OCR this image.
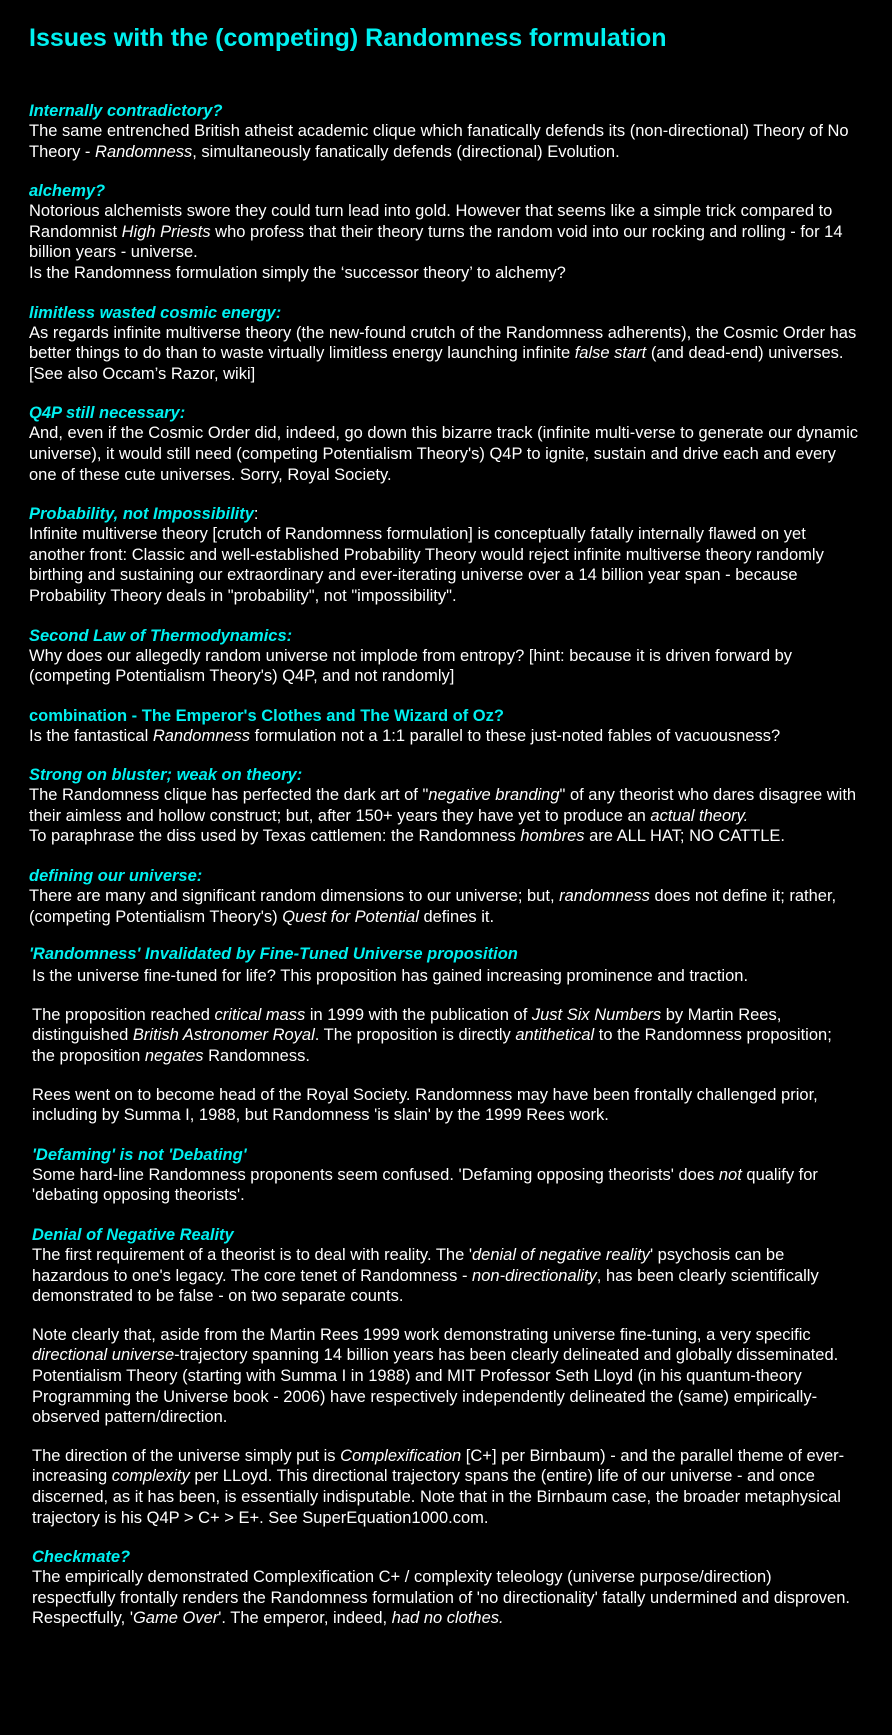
Issues with the (competing) Randomness formulation
Internally contradictory?

The same entrenched British atheist academic clique which fanatically defends its (non-directional) Theory of No Theory - Randomness, simultaneously fanatically defends (directional) Evolution.

alchemy?

Notorious alchemists swore they could turn lead into gold. However that seems like a simple trick compared to Randomnist High Priests who profess that their theory turns the random void into our rocking and rolling - for 14 billion years - universe.

Is the Randomness formulation simply the ‘successor theory’ to alchemy?

limitless wasted cosmic energy:

As regards infinite multiverse theory (the new-found crutch of the Randomness adherents), the Cosmic Order has better things to do than to waste virtually limitless energy launching infinite false start (and dead-end) universes. [See also Occam’s Razor, wiki]

Q4P still necessary:

And, even if the Cosmic Order did, indeed, go down this bizarre track (infinite multi-verse to generate our dynamic universe), it would still need (competing Potentialism Theory's) Q4P to ignite, sustain and drive each and every one of these cute universes. Sorry, Royal Society.

Probability, not Impossibility:

Infinite multiverse theory [crutch of Randomness formulation] is conceptually fatally internally flawed on yet another front: Classic and well-established Probability Theory would reject infinite multiverse theory randomly birthing and sustaining our extraordinary and ever-iterating universe over a 14 billion year span - because Probability Theory deals in "probability", not "impossibility".

Second Law of Thermodynamics:

Why does our allegedly random universe not implode from entropy? [hint: because it is driven forward by (competing Potentialism Theory's) Q4P, and not randomly]

combination - The Emperor's Clothes and The Wizard of Oz?

Is the fantastical Randomness formulation not a 1:1 parallel to these just-noted fables of vacuousness?

Strong on bluster; weak on theory:

The Randomness clique has perfected the dark art of "negative branding" of any theorist who dares disagree with their aimless and hollow construct; but, after 150+ years they have yet to produce an actual theory.

To paraphrase the diss used by Texas cattlemen: the Randomness hombres are ALL HAT; NO CATTLE.

defining our universe:

There are many and significant random dimensions to our universe; but, randomness does not define it; rather, (competing Potentialism Theory's) Quest for Potential defines it.

'Randomness' Invalidated by Fine-Tuned Universe proposition

Is the universe fine-tuned for life? This proposition has gained increasing prominence and traction.

The proposition reached critical mass in 1999 with the publication of Just Six Numbers by Martin Rees, distinguished British Astronomer Royal. The proposition is directly antithetical to the Randomness proposition; the proposition negates Randomness.

Rees went on to become head of the Royal Society. Randomness may have been frontally challenged prior, including by Summa I, 1988, but Randomness 'is slain' by the 1999 Rees work.

'Defaming' is not 'Debating'

Some hard-line Randomness proponents seem confused. 'Defaming opposing theorists' does not qualify for 'debating opposing theorists'.

Denial of Negative Reality

The first requirement of a theorist is to deal with reality. The 'denial of negative reality' psychosis can be hazardous to one's legacy. The core tenet of Randomness - non-directionality, has been clearly scientifically demonstrated to be false - on two separate counts.

Note clearly that, aside from the Martin Rees 1999 work demonstrating universe fine-tuning, a very specific directional universe-trajectory spanning 14 billion years has been clearly delineated and globally disseminated. Potentialism Theory (starting with Summa I in 1988) and MIT Professor Seth Lloyd (in his quantum-theory Programming the Universe book - 2006) have respectively independently delineated the (same) empirically-observed pattern/direction.

The direction of the universe simply put is Complexification [C+] per Birnbaum) - and the parallel theme of ever-increasing complexity per LLoyd. This directional trajectory spans the (entire) life of our universe - and once discerned, as it has been, is essentially indisputable. Note that in the Birnbaum case, the broader metaphysical trajectory is his Q4P > C+ > E+. See SuperEquation1000.com.

Checkmate?

The empirically demonstrated Complexification C+ / complexity teleology (universe purpose/direction) respectfully frontally renders the Randomness formulation of 'no directionality' fatally undermined and disproven. Respectfully, 'Game Over'. The emperor, indeed, had no clothes.
